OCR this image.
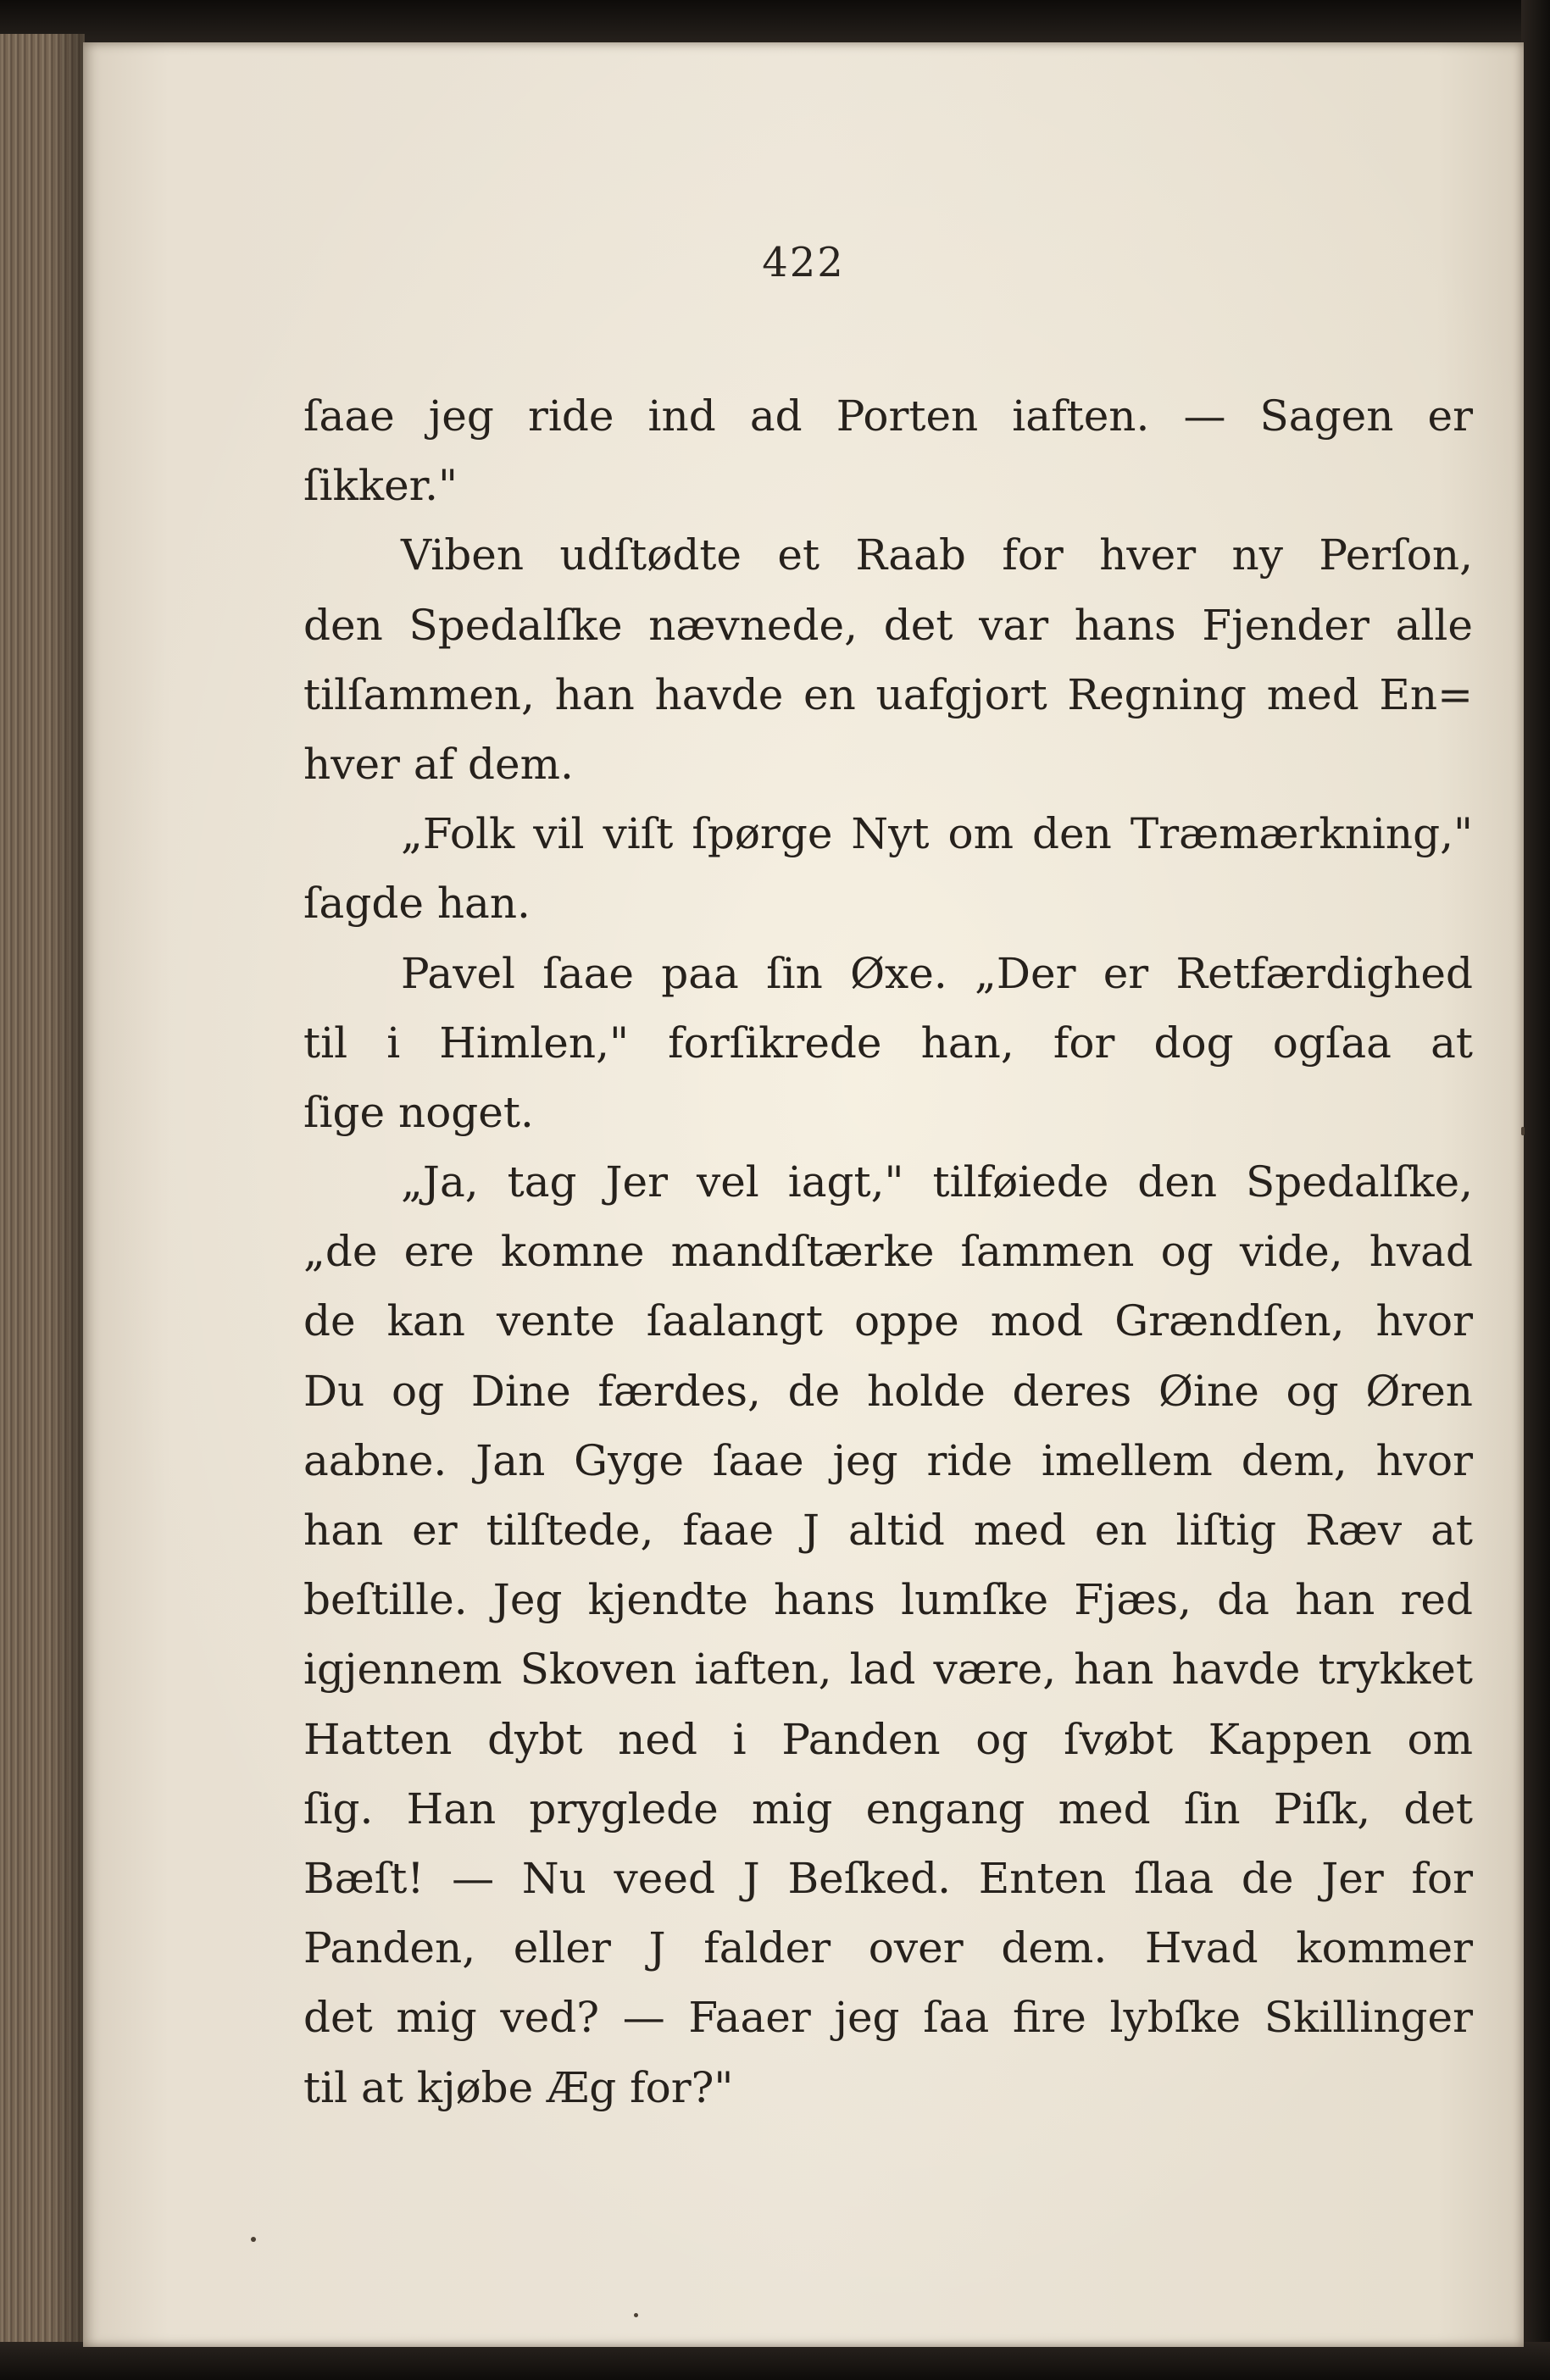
422
ſaae jeg ride ind ad Porten iaften. — Sagen er
ſikker."
Viben udſtødte et Raab for hver ny Perſon,
den Spedalſke nævnede, det var hans Fjender alle
tilſammen, han havde en uafgjort Regning med En=
hver af dem.
„Folk vil viſt ſpørge Nyt om den Træmærkning,"
ſagde han.
Pavel ſaae paa ſin Øxe. „Der er Retfærdighed
til i Himlen," forſikrede han, for dog ogſaa at
ſige noget.
„Ja, tag Jer vel iagt," tilføiede den Spedalſke,
„de ere komne mandſtærke ſammen og vide, hvad
de kan vente ſaalangt oppe mod Grændſen, hvor
Du og Dine færdes, de holde deres Øine og Øren
aabne. Jan Gyge ſaae jeg ride imellem dem, hvor
han er tilſtede, faae J altid med en liſtig Ræv at
beſtille. Jeg kjendte hans lumſke Fjæs, da han red
igjennem Skoven iaften, lad være, han havde trykket
Hatten dybt ned i Panden og ſvøbt Kappen om
ſig. Han pryglede mig engang med ſin Piſk, det
Bæſt! — Nu veed J Beſked. Enten ſlaa de Jer for
Panden, eller J falder over dem. Hvad kommer
det mig ved? — Faaer jeg ſaa fire lybſke Skillinger
til at kjøbe Æg for?"
